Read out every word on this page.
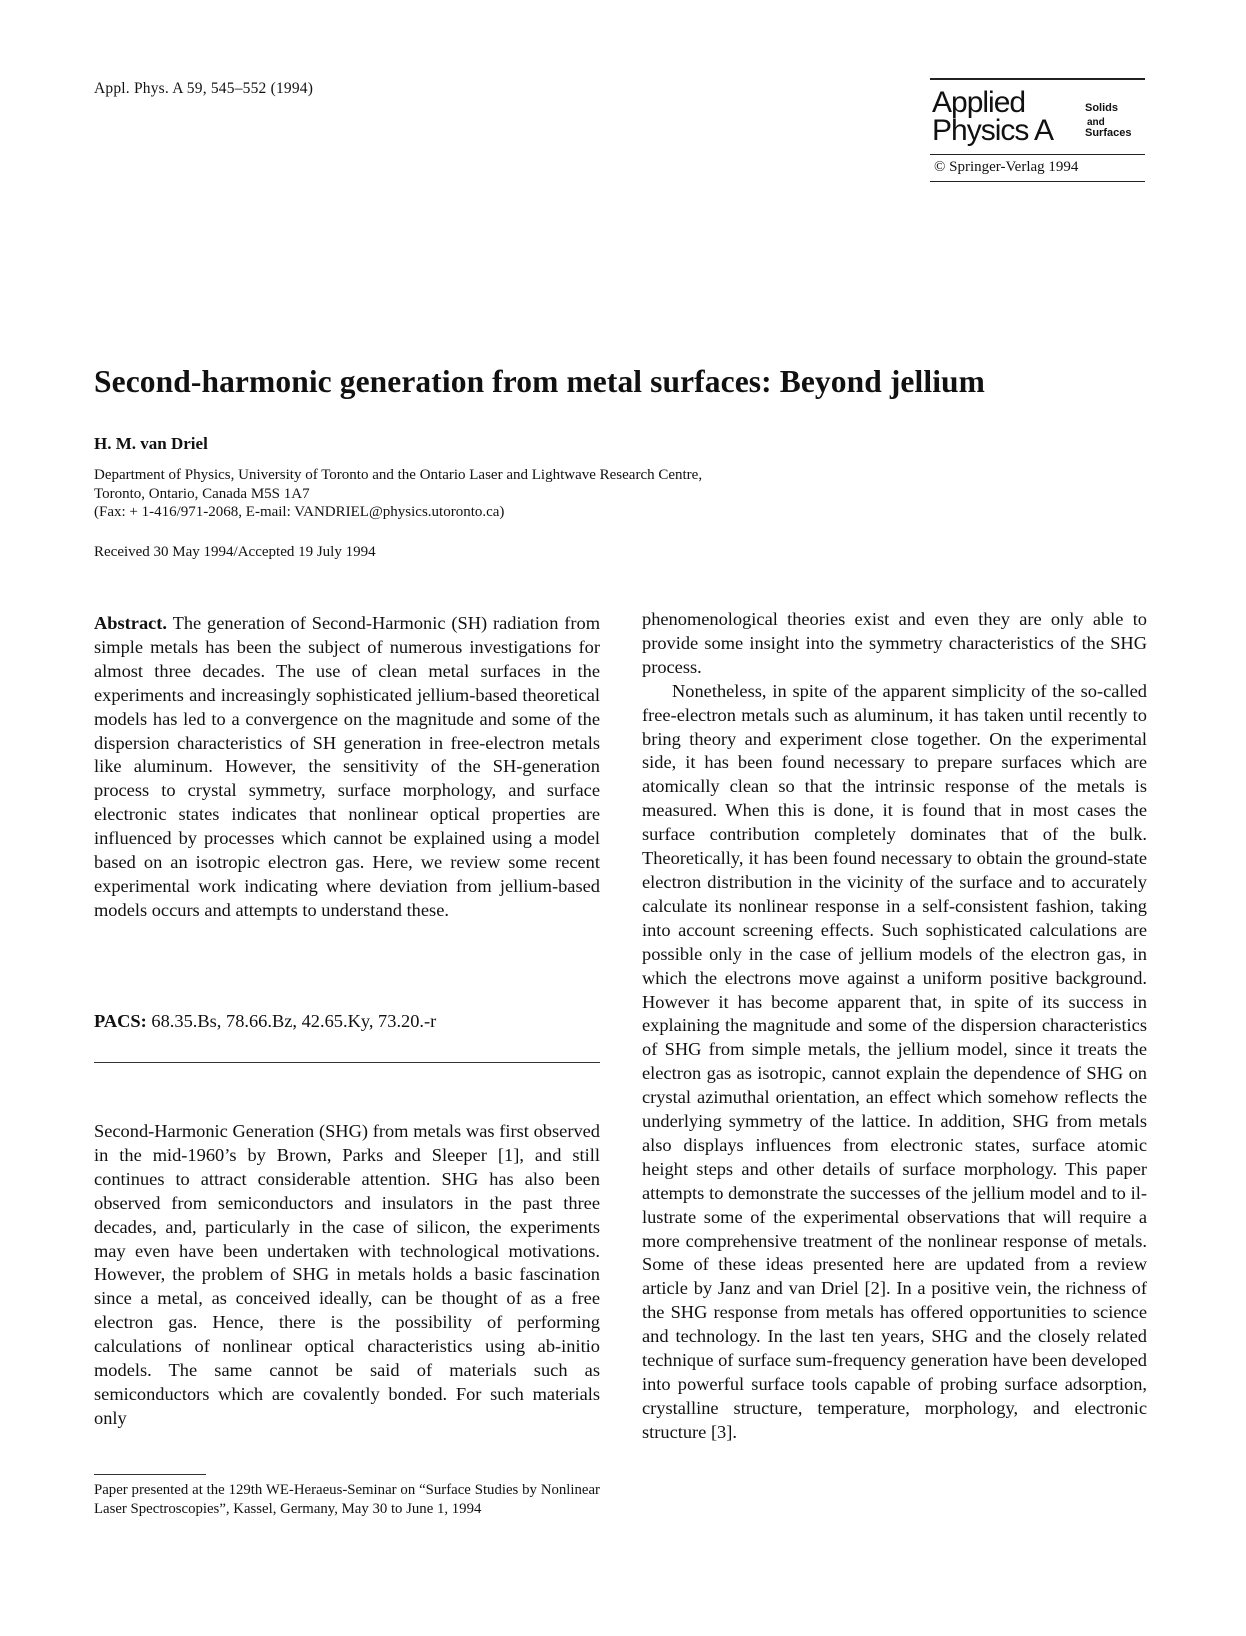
Appl. Phys. A 59, 545–552 (1994)	Applied
Physics A
Solids
and
Surfaces
© Springer-Verlag 1994
Second-harmonic generation from metal surfaces: Beyond jellium
H. M. van Driel
Department of Physics, University of Toronto and the Ontario Laser and Lightwave Research Centre,
Toronto, Ontario, Canada M5S 1A7
(Fax: + 1-416/971-2068, E-mail: VANDRIEL@physics.utoronto.ca)
Received 30 May 1994/Accepted 19 July 1994

Abstract. The generation of Second-Harmonic (SH) radiation from simple metals has been the subject of numerous investigations for almost three decades. The use of clean metal surfaces in the experiments and increasingly sophisticated jellium-based theoretical models has led to a convergence on the magnitude and some of the dispersion characteristics of SH generation in free-electron metals like aluminum. However, the sensitivity of the SH-generation process to crystal symmetry, surface morphology, and surface electronic states indicates that nonlinear optical properties are influenced by processes which cannot be explained using a model based on an isotropic electron gas. Here, we review some recent experimental work indicating where deviation from jellium-based models occurs and attempts to understand these.

PACS: 68.35.Bs, 78.66.Bz, 42.65.Ky, 73.20.-r

Second-Harmonic Generation (SHG) from metals was first observed in the mid-1960’s by Brown, Parks and Sleeper [1], and still continues to attract considerable attention. SHG has also been observed from semiconductors and insulators in the past three decades, and, particularly in the case of silicon, the experiments may even have been undertaken with technological motivations. However, the problem of SHG in metals holds a basic fascination since a metal, as conceived ideally, can be thought of as a free electron gas. Hence, there is the possibility of performing calculations of nonlinear optical characteristics using ab-initio models. The same cannot be said of materials such as semiconductors which are covalently bonded. For such materials only

Paper presented at the 129th WE-Heraeus-Seminar on “Surface Studies by Nonlinear Laser Spectroscopies”, Kassel, Germany, May 30 to June 1, 1994

phenomenological theories exist and even they are only able to provide some insight into the symmetry characteristics of the SHG process.

Nonetheless, in spite of the apparent simplicity of the so-called free-electron metals such as aluminum, it has taken until recently to bring theory and experiment close together. On the experimental side, it has been found necessary to prepare surfaces which are atomically clean so that the intrinsic response of the metals is measured. When this is done, it is found that in most cases the surface contribution completely dominates that of the bulk. Theoretically, it has been found necessary to obtain the ground-state electron distribution in the vicinity of the surface and to accurately calculate its nonlinear response in a self-consistent fashion, taking into account screening effects. Such sophisticated calculations are possible only in the case of jellium models of the electron gas, in which the electrons move against a uniform positive background. However it has become apparent that, in spite of its success in explaining the magnitude and some of the dispersion characteristics of SHG from simple metals, the jellium model, since it treats the electron gas as isotropic, cannot explain the dependence of SHG on crystal azimuthal orientation, an effect which somehow reflects the underlying symmetry of the lattice. In addition, SHG from metals also displays influences from electronic states, surface atomic height steps and other details of surface morphology. This paper attempts to demonstrate the successes of the jellium model and to illustrate some of the experimental observations that will require a more comprehensive treatment of the nonlinear response of metals. Some of these ideas presented here are updated from a review article by Janz and van Driel [2]. In a positive vein, the richness of the SHG response from metals has offered opportunities to science and technology. In the last ten years, SHG and the closely related technique of surface sum-frequency generation have been developed into powerful surface tools capable of probing surface adsorption, crystalline structure, temperature, morphology, and electronic structure [3].
